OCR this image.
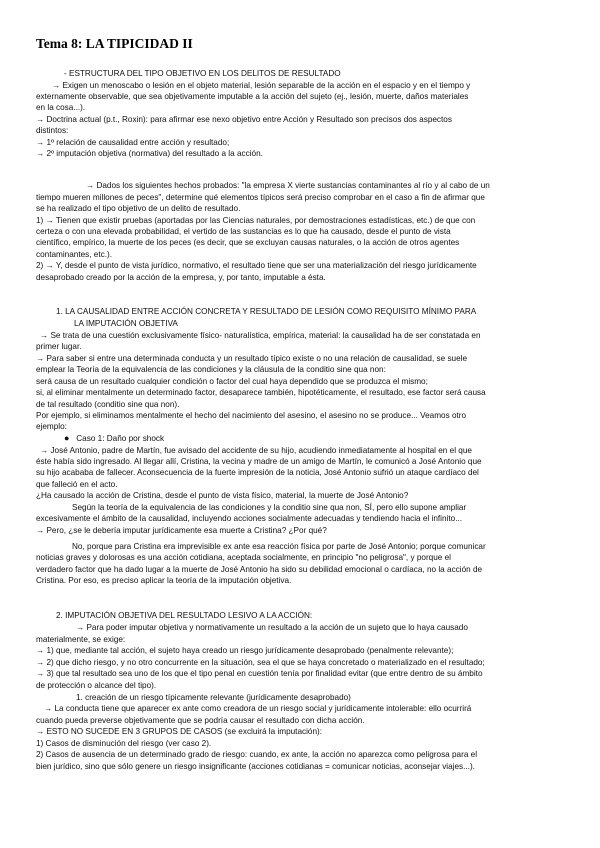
Tema 8: LA TIPICIDAD II
- ESTRUCTURA DEL TIPO OBJETIVO EN LOS DELITOS DE RESULTADO
→ Exigen un menoscabo o lesión en el objeto material, lesión separable de la acción en el espacio y en el tiempo y
externamente observable, que sea objetivamente imputable a la acción del sujeto (ej., lesión, muerte, daños materiales
en la cosa...).
→ Doctrina actual (p.t., Roxin): para afirmar ese nexo objetivo entre Acción y Resultado son precisos dos aspectos
distintos:
→ 1º relación de causalidad entre acción y resultado;
→ 2º imputación objetiva (normativa) del resultado a la acción.
→ Dados los siguientes hechos probados: "la empresa X vierte sustancias contaminantes al río y al cabo de un
tiempo mueren millones de peces", determine qué elementos típicos será preciso comprobar en el caso a fin de afirmar que
se ha realizado el tipo objetivo de un delito de resultado.
1) → Tienen que existir pruebas (aportadas por las Ciencias naturales, por demostraciones estadísticas, etc.) de que con
certeza o con una elevada probabilidad, el vertido de las sustancias es lo que ha causado, desde el punto de vista
científico, empírico, la muerte de los peces (es decir, que se excluyan causas naturales, o la acción de otros agentes
contaminantes, etc.).
2) → Y, desde el punto de vista jurídico, normativo, el resultado tiene que ser una materialización del riesgo jurídicamente
desaprobado creado por la acción de la empresa, y, por tanto, imputable a ésta.
1. LA CAUSALIDAD ENTRE ACCIÓN CONCRETA Y RESULTADO DE LESIÓN COMO REQUISITO MÍNIMO PARA
LA IMPUTACIÓN OBJETIVA
→ Se trata de una cuestión exclusivamente físico- naturalística, empírica, material: la causalidad ha de ser constatada en
primer lugar.
→ Para saber si entre una determinada conducta y un resultado típico existe o no una relación de causalidad, se suele
emplear la Teoría de la equivalencia de las condiciones y la cláusula de la conditio sine qua non:
será causa de un resultado cualquier condición o factor del cual haya dependido que se produzca el mismo;
si, al eliminar mentalmente un determinado factor, desaparece también, hipotéticamente, el resultado, ese factor será causa
de tal resultado (conditio sine qua non).
Por ejemplo, si eliminamos mentalmente el hecho del nacimiento del asesino, el asesino no se produce... Veamos otro
ejemplo:
● Caso 1: Daño por shock
→ José Antonio, padre de Martín, fue avisado del accidente de su hijo, acudiendo inmediatamente al hospital en el que
éste había sido ingresado. Al llegar allí, Cristina, la vecina y madre de un amigo de Martín, le comunicó a José Antonio que
su hijo acababa de fallecer. Aconsecuencia de la fuerte impresión de la noticia, José Antonio sufrió un ataque cardíaco del
que falleció en el acto.
¿Ha causado la acción de Cristina, desde el punto de vista físico, material, la muerte de José Antonio?
Según la teoría de la equivalencia de las condiciones y la conditio sine qua non, SÍ, pero ello supone ampliar
excesivamente el ámbito de la causalidad, incluyendo acciones socialmente adecuadas y tendiendo hacia el infinito...
→ Pero, ¿se le debería imputar jurídicamente esa muerte a Cristina? ¿Por qué?
No, porque para Cristina era imprevisible ex ante esa reacción física por parte de José Antonio; porque comunicar
noticias graves y dolorosas es una acción cotidiana, aceptada socialmente, en principio "no peligrosa", y porque el
verdadero factor que ha dado lugar a la muerte de José Antonio ha sido su debilidad emocional o cardíaca, no la acción de
Cristina. Por eso, es preciso aplicar la teoría de la imputación objetiva.
2. IMPUTACIÓN OBJETIVA DEL RESULTADO LESIVO A LA ACCIÓN:
→ Para poder imputar objetiva y normativamente un resultado a la acción de un sujeto que lo haya causado
materialmente, se exige:
→ 1) que, mediante tal acción, el sujeto haya creado un riesgo jurídicamente desaprobado (penalmente relevante);
→ 2) que dicho riesgo, y no otro concurrente en la situación, sea el que se haya concretado o materializado en el resultado;
→ 3) que tal resultado sea uno de los que el tipo penal en cuestión tenía por finalidad evitar (que entre dentro de su ámbito
de protección o alcance del tipo).
1. creación de un riesgo típicamente relevante (jurídicamente desaprobado)
→ La conducta tiene que aparecer ex ante como creadora de un riesgo social y jurídicamente intolerable: ello ocurrirá
cuando pueda preverse objetivamente que se podría causar el resultado con dicha acción.
→ ESTO NO SUCEDE EN 3 GRUPOS DE CASOS (se excluirá la imputación):
1) Casos de disminución del riesgo (ver caso 2).
2) Casos de ausencia de un determinado grado de riesgo: cuando, ex ante, la acción no aparezca como peligrosa para el
bien jurídico, sino que sólo genere un riesgo insignificante (acciones cotidianas = comunicar noticias, aconsejar viajes...).
